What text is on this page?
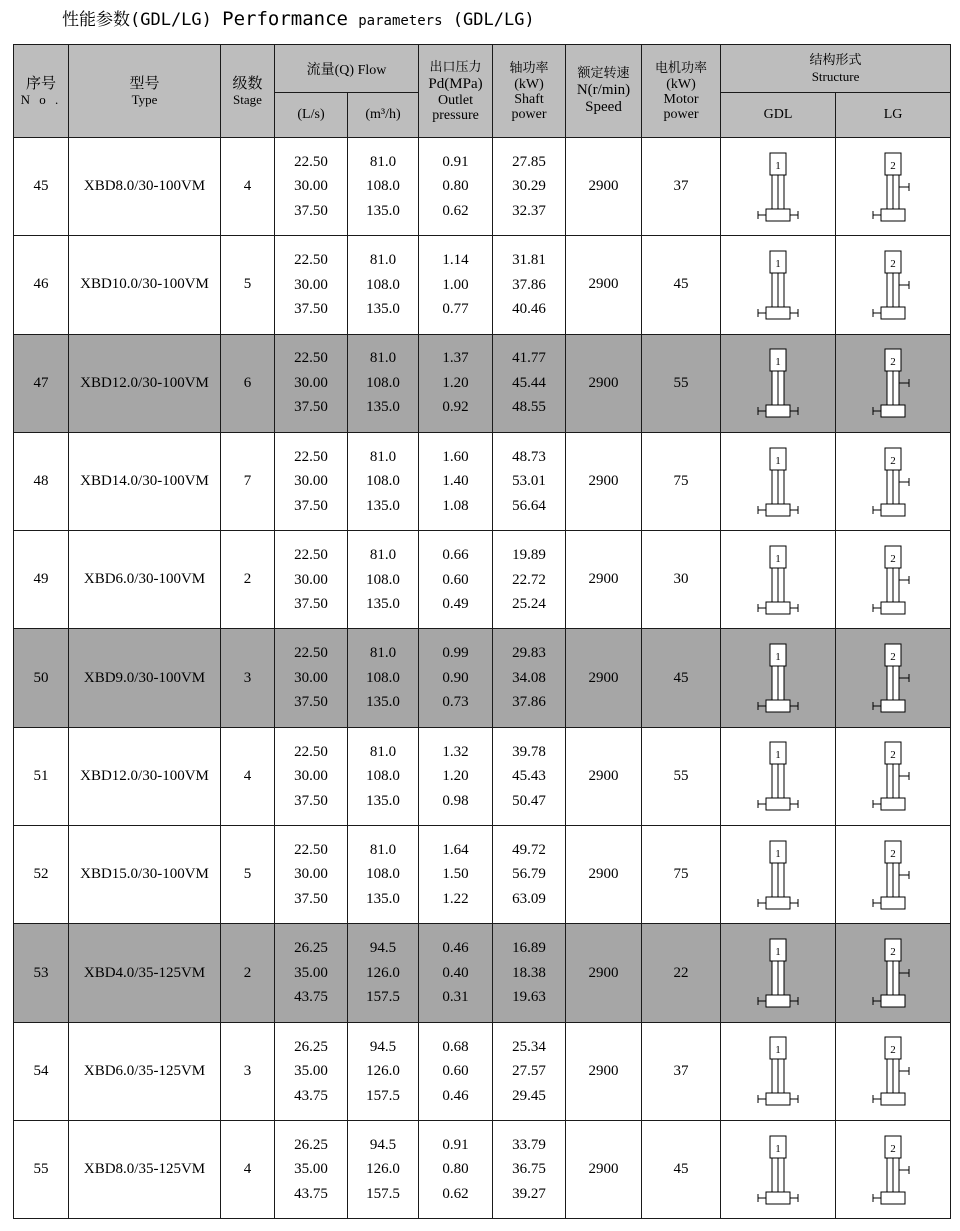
性能参数(GDL/LG) Performance parameters (GDL/LG)
序号
N o .	型号
Type	级数
Stage	流量(Q) Flow		出口压力
Pd(MPa)
Outlet
pressure	轴功率
(kW)
Shaft
power	额定转速
N(r/min)
Speed	电机功率
(kW)
Motor
power	结构形式
Structure	

			(L/s)	(m³/h)					GDL	LG
45	XBD8.0/30-100VM	4	22.50
30.00
37.50	81.0
108.0
135.0	0.91
0.80
0.62	27.85
30.29
32.37	2900	37	1	2

46	XBD10.0/30-100VM	5	22.50
30.00
37.50	81.0
108.0
135.0	1.14
1.00
0.77	31.81
37.86
40.46	2900	45	1	2

47	XBD12.0/30-100VM	6	22.50
30.00
37.50	81.0
108.0
135.0	1.37
1.20
0.92	41.77
45.44
48.55	2900	55	1	2

48	XBD14.0/30-100VM	7	22.50
30.00
37.50	81.0
108.0
135.0	1.60
1.40
1.08	48.73
53.01
56.64	2900	75	1	2

49	XBD6.0/30-100VM	2	22.50
30.00
37.50	81.0
108.0
135.0	0.66
0.60
0.49	19.89
22.72
25.24	2900	30	1	2

50	XBD9.0/30-100VM	3	22.50
30.00
37.50	81.0
108.0
135.0	0.99
0.90
0.73	29.83
34.08
37.86	2900	45	1	2

51	XBD12.0/30-100VM	4	22.50
30.00
37.50	81.0
108.0
135.0	1.32
1.20
0.98	39.78
45.43
50.47	2900	55	1	2

52	XBD15.0/30-100VM	5	22.50
30.00
37.50	81.0
108.0
135.0	1.64
1.50
1.22	49.72
56.79
63.09	2900	75	1	2

53	XBD4.0/35-125VM	2	26.25
35.00
43.75	94.5
126.0
157.5	0.46
0.40
0.31	16.89
18.38
19.63	2900	22	1	2

54	XBD6.0/35-125VM	3	26.25
35.00
43.75	94.5
126.0
157.5	0.68
0.60
0.46	25.34
27.57
29.45	2900	37	1	2

55	XBD8.0/35-125VM	4	26.25
35.00
43.75	94.5
126.0
157.5	0.91
0.80
0.62	33.79
36.75
39.27	2900	45	1	2
